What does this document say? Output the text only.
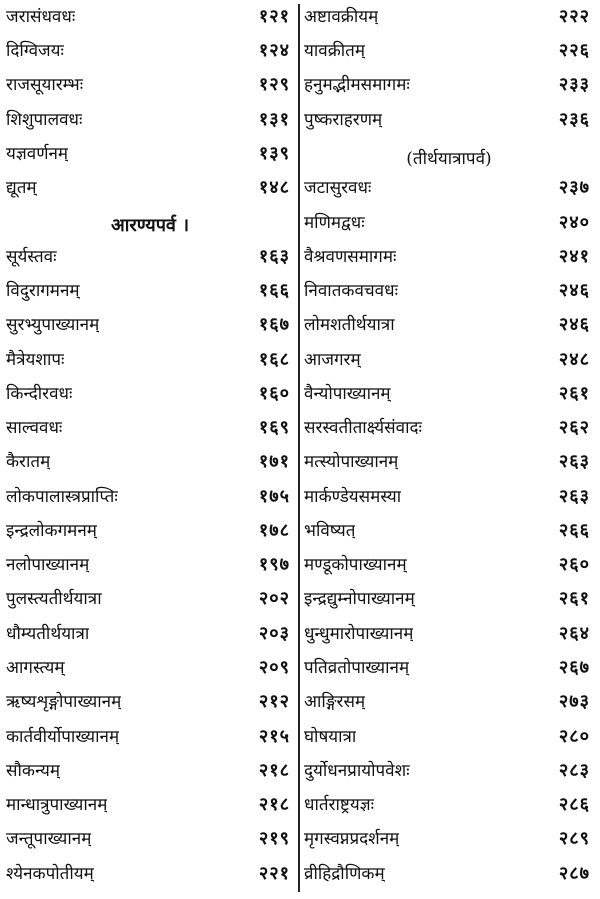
जरासंधवधः	१२१
दिग्विजयः	१२४
राजसूयारम्भः	१२९
शिशुपालवधः	१३१
यज्ञवर्णनम्	१३९
द्यूतम्	१४८
आरण्यपर्व ।
सूर्यस्तवः	१६३
विदुरागमनम्	१६६
सुरभ्युपाख्यानम्	१६७
मैत्रेयशापः	१६८
किन्दीरवधः	१६०
साल्ववधः	१६९
कैरातम्	१७१
लोकपालास्त्रप्राप्तिः	१७५
इन्द्रलोकगमनम्	१७८
नलोपाख्यानम्	१९७
पुलस्त्यतीर्थयात्रा	२०२
धौम्यतीर्थयात्रा	२०३
आगस्त्यम्	२०९
ऋष्यशृङ्गोपाख्यानम्	२१२
कार्तवीर्योपाख्यानम्	२१५
सौकन्यम्	२१८
मान्धात्रुपाख्यानम्	२१८
जन्तूपाख्यानम्	२१९
श्येनकपोतीयम्	२२१
अष्टावक्रीयम्	२२२
यावक्रीतम्	२२६
हनुमद्भीमसमागमः	२३३
पुष्कराहरणम्	२३६
(तीर्थयात्रापर्व)
जटासुरवधः	२३७
मणिमद्वधः	२४०
वैश्रवणसमागमः	२४१
निवातकवचवधः	२४६
लोमशतीर्थयात्रा	२४६
आजगरम्	२४८
वैन्योपाख्यानम्	२६१
सरस्वतीतार्क्ष्यसंवादः	२६२
मत्स्योपाख्यानम्	२६३
मार्कण्डेयसमस्या	२६३
भविष्यत्	२६६
मण्डूकोपाख्यानम्	२६०
इन्द्रद्युम्नोपाख्यानम्	२६१
धुन्धुमारोपाख्यानम्	२६४
पतिव्रतोपाख्यानम्	२६७
आङ्गिरसम्	२७३
घोषयात्रा	२८०
दुर्योधनप्रायोपवेशः	२८३
धार्तराष्ट्रयज्ञः	२८६
मृगस्वप्नप्रदर्शनम्	२८९
व्रीहिद्रौणिकम्	२८७
